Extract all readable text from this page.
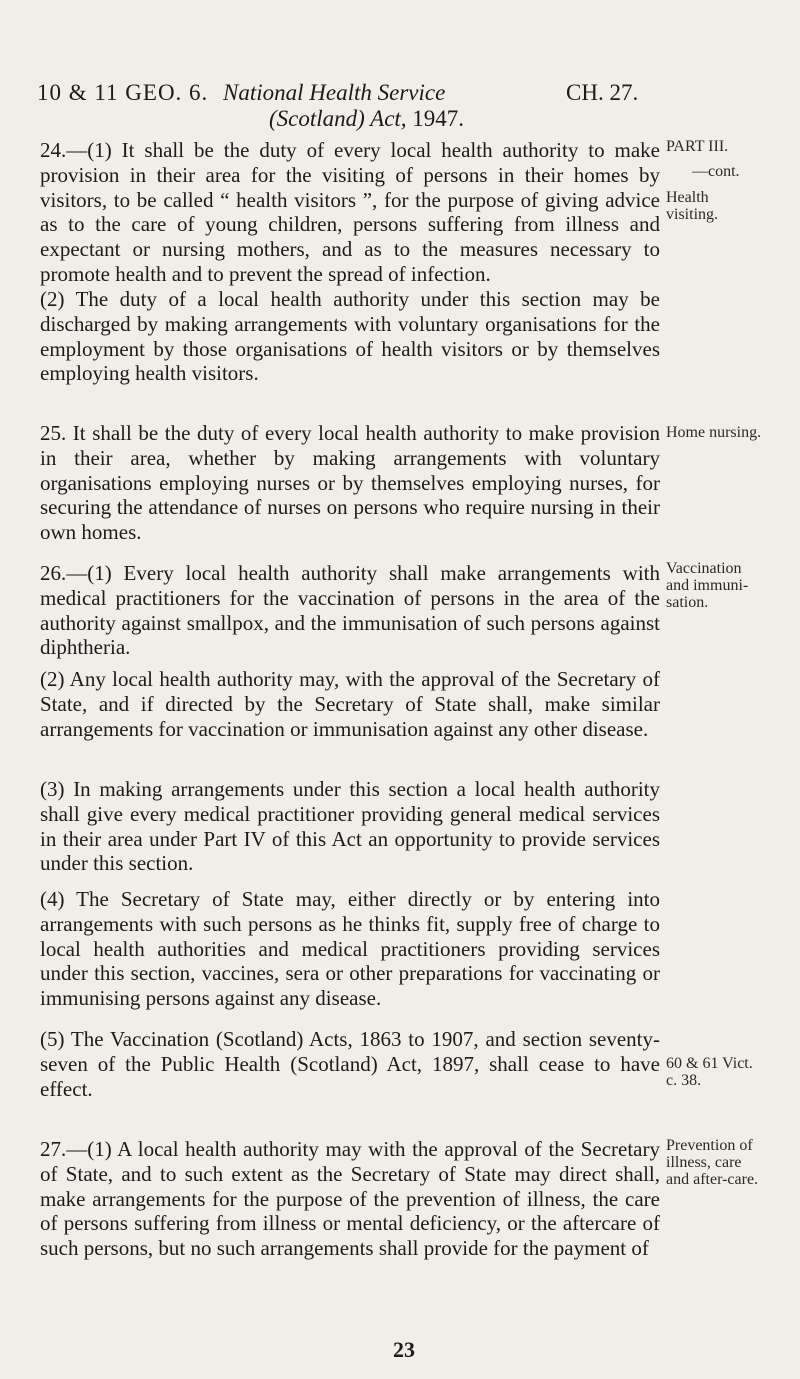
10 & 11 GEO. 6. National Health Service
(Scotland) Act, 1947.
CH. 27.

24.—(1) It shall be the duty of every local health authority to make provision in their area for the visiting of persons in their homes by visitors, to be called “ health visitors ”, for the purpose of giving advice as to the care of young children, persons suffering from illness and expectant or nursing mothers, and as to the measures necessary to promote health and to prevent the spread of infection.

PART III.
—cont.
Health
visiting.

(2) The duty of a local health authority under this section may be discharged by making arrangements with voluntary organisations for the employment by those organisations of health visitors or by themselves employing health visitors.

25. It shall be the duty of every local health authority to make provision in their area, whether by making arrangements with voluntary organisations employing nurses or by themselves employing nurses, for securing the attendance of nurses on persons who require nursing in their own homes.

Home nursing.

26.—(1) Every local health authority shall make arrangements with medical practitioners for the vaccination of persons in the area of the authority against smallpox, and the immunisation of such persons against diphtheria.

Vaccination
and immuni-
sation.

(2) Any local health authority may, with the approval of the Secretary of State, and if directed by the Secretary of State shall, make similar arrangements for vaccination or immunisation against any other disease.

(3) In making arrangements under this section a local health authority shall give every medical practitioner providing general medical services in their area under Part IV of this Act an opportunity to provide services under this section.

(4) The Secretary of State may, either directly or by entering into arrangements with such persons as he thinks fit, supply free of charge to local health authorities and medical practitioners providing services under this section, vaccines, sera or other preparations for vaccinating or immunising persons against any disease.

(5) The Vaccination (Scotland) Acts, 1863 to 1907, and section seventy-seven of the Public Health (Scotland) Act, 1897, shall cease to have effect.

60 & 61 Vict.
c. 38.

27.—(1) A local health authority may with the approval of the Secretary of State, and to such extent as the Secretary of State may direct shall, make arrangements for the purpose of the prevention of illness, the care of persons suffering from illness or mental deficiency, or the aftercare of such persons, but no such arrangements shall provide for the payment of

Prevention of
illness, care
and after-care.
23
